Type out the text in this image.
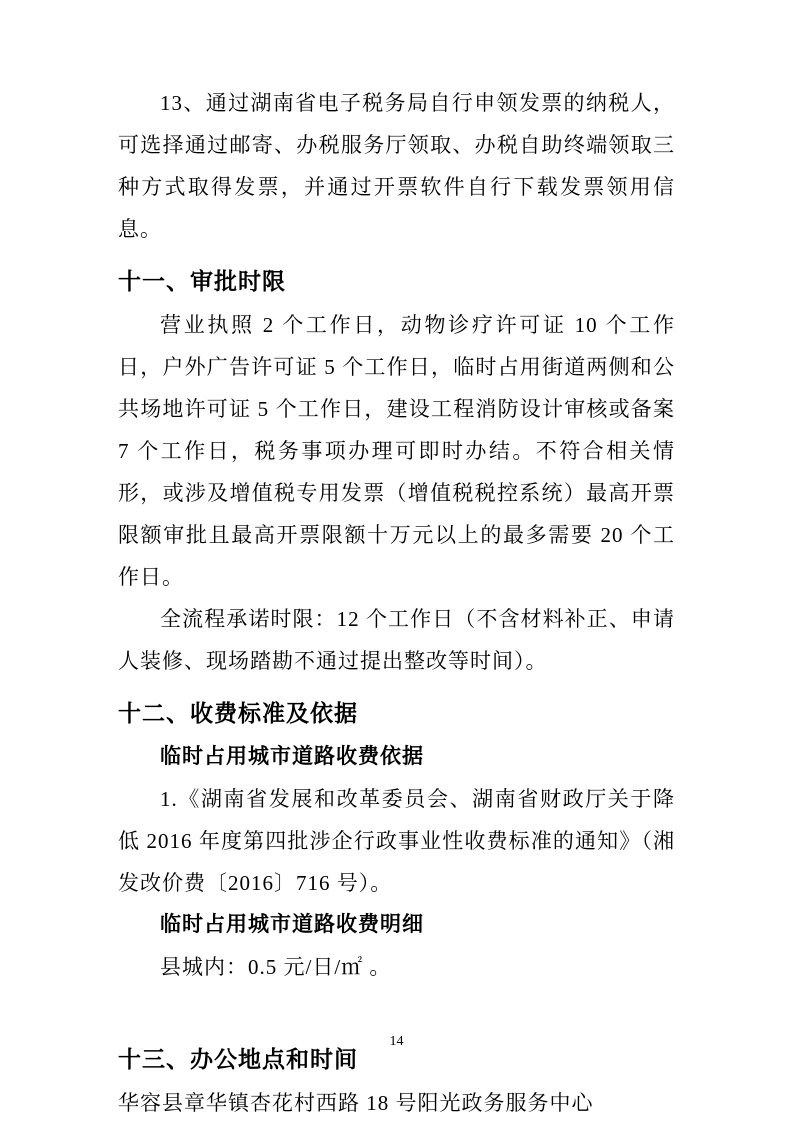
13、通过湖南省电子税务局自行申领发票的纳税人，可选择通过邮寄、办税服务厅领取、办税自助终端领取三种方式取得发票，并通过开票软件自行下载发票领用信息。

十一、审批时限

营业执照 2 个工作日，动物诊疗许可证 10 个工作日，户外广告许可证 5 个工作日，临时占用街道两侧和公共场地许可证 5 个工作日，建设工程消防设计审核或备案 7 个工作日，税务事项办理可即时办结。不符合相关情形，或涉及增值税专用发票（增值税税控系统）最高开票限额审批且最高开票限额十万元以上的最多需要 20 个工作日。

全流程承诺时限：12 个工作日（不含材料补正、申请人装修、现场踏勘不通过提出整改等时间）。

十二、收费标准及依据

临时占用城市道路收费依据

1.《湖南省发展和改革委员会、湖南省财政厅关于降低 2016 年度第四批涉企行政事业性收费标准的通知》（湘发改价费〔2016〕716 号）。

临时占用城市道路收费明细

县城内：0.5 元/日/㎡ 。

十三、办公地点和时间

华容县章华镇杏花村西路 18 号阳光政务服务中心

14
